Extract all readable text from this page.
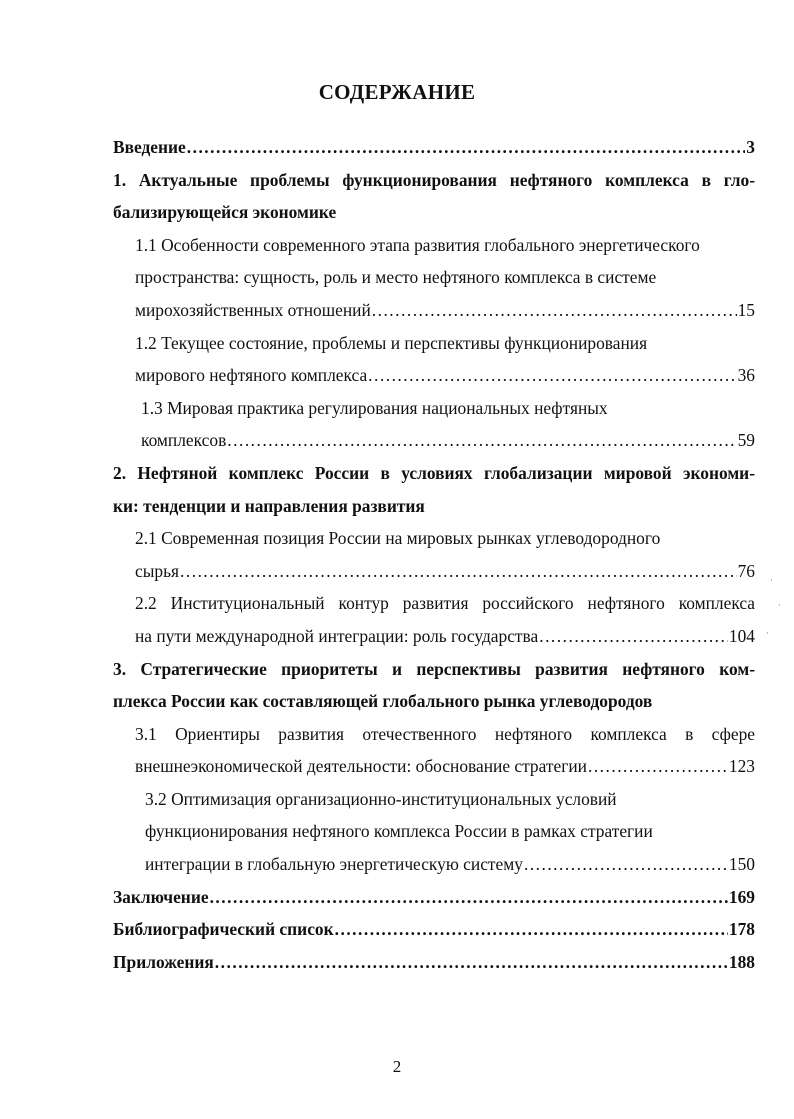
СОДЕРЖАНИЕ
Введение .....	3
1. Актуальные проблемы функционирования нефтяного комплекса в гло-
бализирующейся экономике
1.1 Особенности современного этапа развития глобального энергетического
пространства: сущность, роль и место нефтяного комплекса в системе
мирохозяйственных отношений .....	15
1.2 Текущее состояние, проблемы и перспективы функционирования
мирового нефтяного комплекса .....	36
1.3 Мировая практика регулирования национальных нефтяных
комплексов .....	59
2. Нефтяной комплекс России в условиях глобализации мировой экономи-
ки: тенденции и направления развития
2.1 Современная позиция России на мировых рынках углеводородного
сырья .....	76
2.2 Институциональный контур развития российского нефтяного комплекса
на пути международной интеграции: роль государства .....	104
3. Стратегические приоритеты и перспективы развития нефтяного ком-
плекса России как составляющей глобального рынка углеводородов
3.1 Ориентиры развития отечественного нефтяного комплекса в сфере
внешнеэкономической деятельности: обоснование стратегии .....	123
3.2 Оптимизация организационно-институциональных условий
функционирования нефтяного комплекса России в рамках стратегии
интеграции в глобальную энергетическую систему .....	150
Заключение .....	169
Библиографический список .....	178
Приложения .....	188
·
·
·
2
